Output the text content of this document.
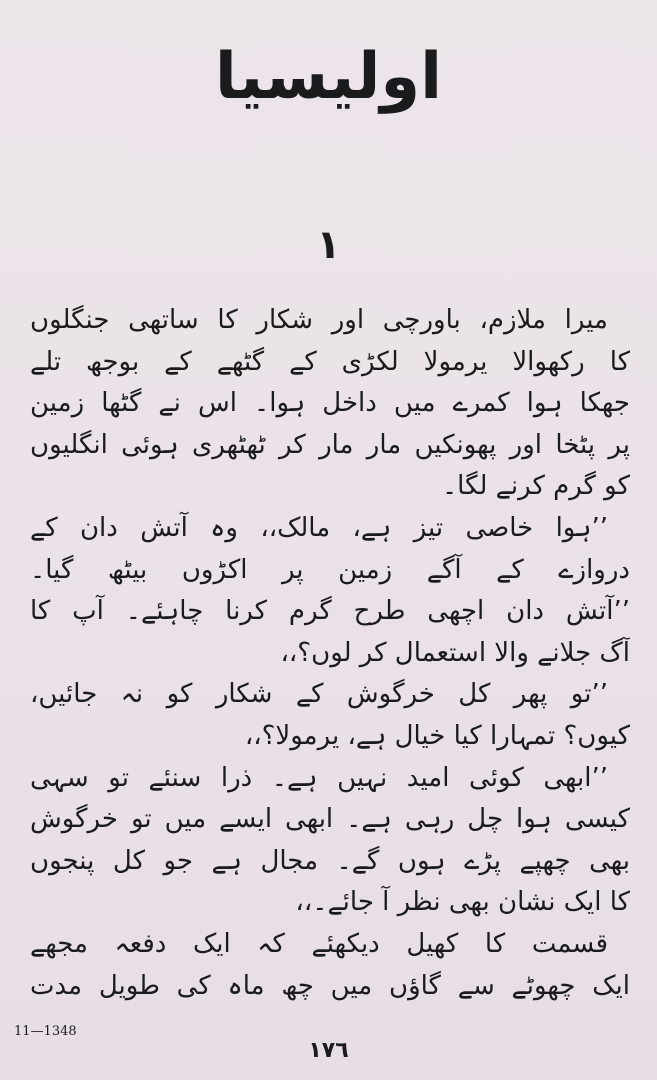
اولیسیا
۱
میرا ملازم، باورچی اور شکار کا ساتھی جنگلوں
کا رکھوالا یرمولا لکڑی کے گٹھے کے بوجھ تلے
جھکا ہوا کمرے میں داخل ہوا۔ اس نے گٹھا زمین
پر پٹخا اور پھونکیں مار مار کر ٹھٹھری ہوئی انگلیوں
کو گرم کرنے لگا۔
’’ہوا خاصی تیز ہے، مالک،، وہ آتش دان کے
دروازے کے آگے زمین پر اکڑوں بیٹھ گیا۔
’’آتش دان اچھی طرح گرم کرنا چاہئے۔ آپ کا
آگ جلانے والا استعمال کر لوں؟،،
’’تو پھر کل خرگوش کے شکار کو نہ جائیں،
کیوں؟ تمہارا کیا خیال ہے، یرمولا؟،،
’’ابھی کوئی امید نہیں ہے۔ ذرا سنئے تو سہی
کیسی ہوا چل رہی ہے۔ ابھی ایسے میں تو خرگوش
بھی چھپے پڑے ہوں گے۔ مجال ہے جو کل پنجوں
کا ایک نشان بھی نظر آ جائے۔،،
قسمت کا کھیل دیکھئے کہ ایک دفعہ مجھے
ایک چھوٹے سے گاؤں میں چھ ماہ کی طویل مدت
11—1348
۱۷٦
